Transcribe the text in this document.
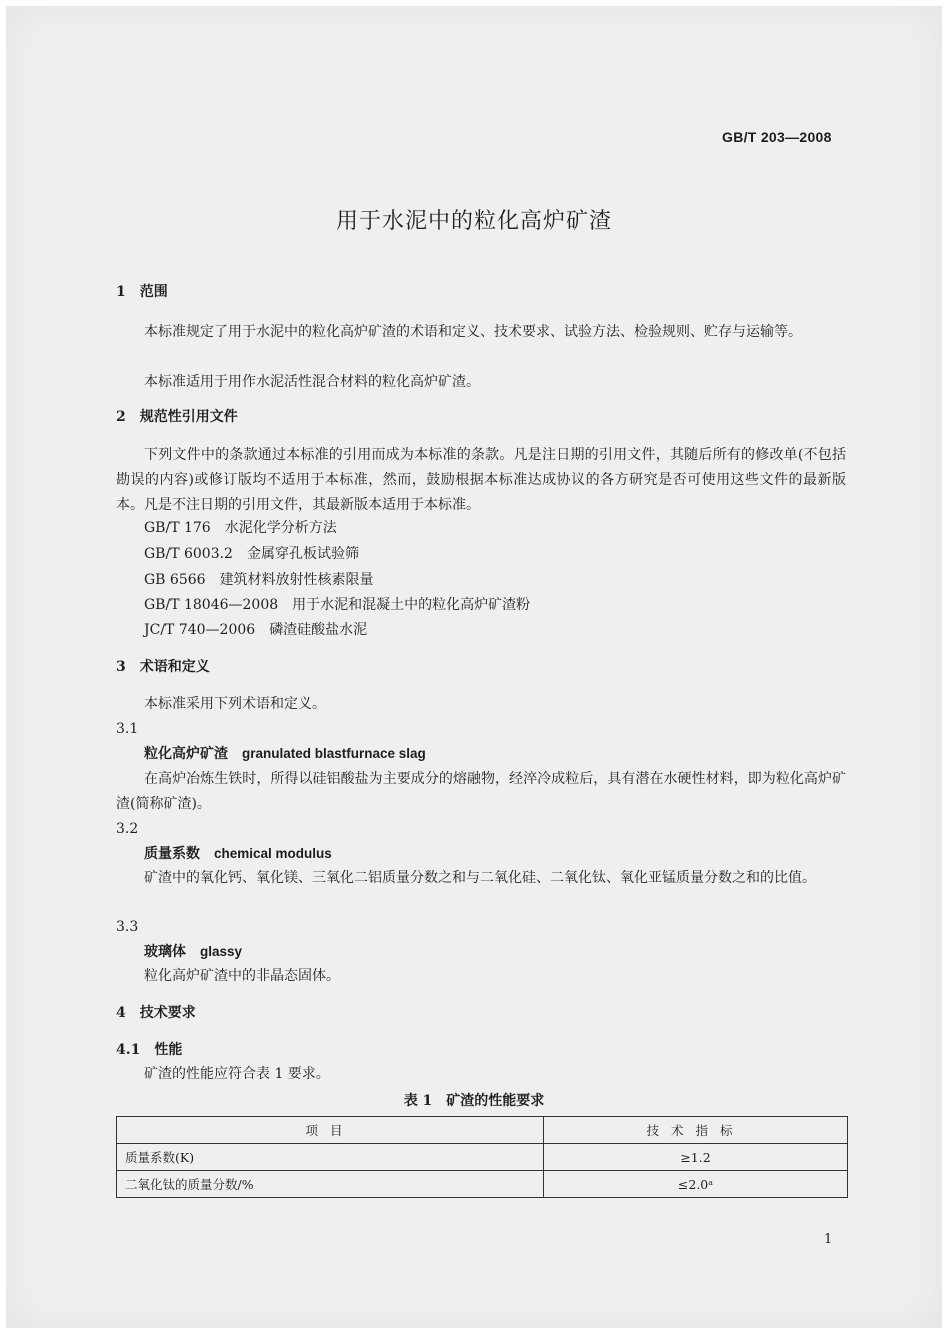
GB/T 203—2008
用于水泥中的粒化高炉矿渣
1　范围
本标准规定了用于水泥中的粒化高炉矿渣的术语和定义、技术要求、试验方法、检验规则、贮存与运输等。
本标准适用于用作水泥活性混合材料的粒化高炉矿渣。
2　规范性引用文件
下列文件中的条款通过本标准的引用而成为本标准的条款。凡是注日期的引用文件，其随后所有的修改单(不包括勘误的内容)或修订版均不适用于本标准，然而，鼓励根据本标准达成协议的各方研究是否可使用这些文件的最新版本。凡是不注日期的引用文件，其最新版本适用于本标准。
GB/T 176 水泥化学分析方法
GB/T 6003.2 金属穿孔板试验筛
GB 6566 建筑材料放射性核素限量
GB/T 18046—2008 用于水泥和混凝土中的粒化高炉矿渣粉
JC/T 740—2006 磷渣硅酸盐水泥
3　术语和定义
本标准采用下列术语和定义。
3.1
粒化高炉矿渣 granulated blastfurnace slag
在高炉冶炼生铁时，所得以硅铝酸盐为主要成分的熔融物，经淬冷成粒后，具有潜在水硬性材料，即为粒化高炉矿渣(简称矿渣)。
3.2
质量系数 chemical modulus
矿渣中的氧化钙、氧化镁、三氧化二铝质量分数之和与二氧化硅、二氧化钛、氧化亚锰质量分数之和的比值。
3.3
玻璃体 glassy
粒化高炉矿渣中的非晶态固体。
4　技术要求
4.1　性能
矿渣的性能应符合表 1 要求。
表 1　矿渣的性能要求
项目	技术指标
质量系数(K)	≥1.2
二氧化钛的质量分数/%	≤2.0ᵃ
1
